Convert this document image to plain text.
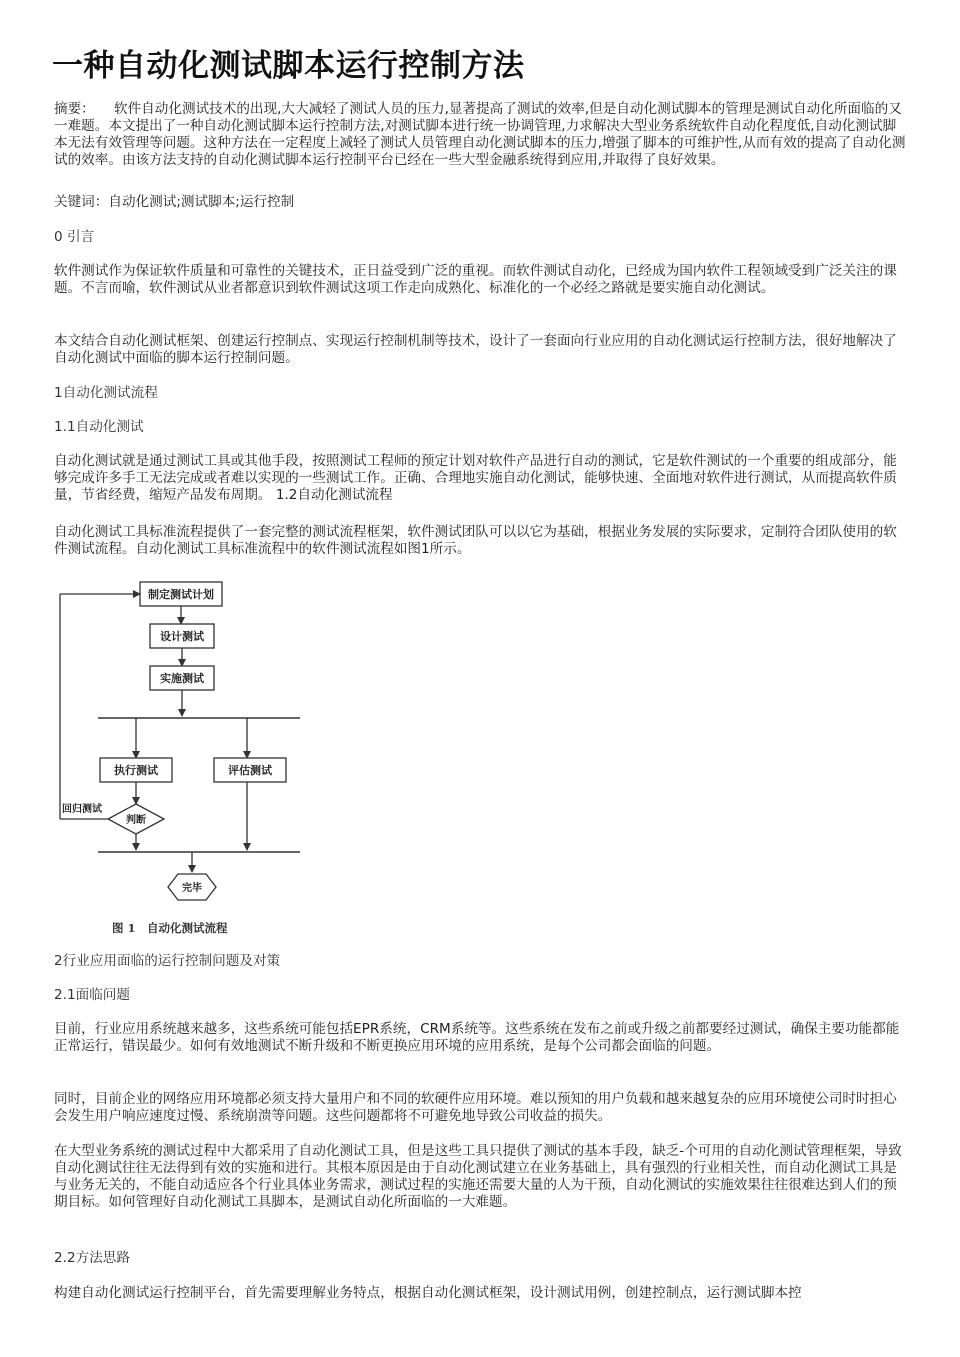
一种自动化测试脚本运行控制方法

摘要： 软件自动化测试技术的出现,大大减轻了测试人员的压力,显著提高了测试的效率,但是自动化测试脚本的管理是测试自动化所面临的又一难题。本文提出了一种自动化测试脚本运行控制方法,对测试脚本进行统一协调管理,力求解决大型业务系统软件自动化程度低,自动化测试脚本无法有效管理等问题。这种方法在一定程度上减轻了测试人员管理自动化测试脚本的压力,增强了脚本的可维护性,从而有效的提高了自动化测试的效率。由该方法支持的自动化测试脚本运行控制平台已经在一些大型金融系统得到应用,并取得了良好效果。

关键词：自动化测试;测试脚本;运行控制

0 引言

软件测试作为保证软件质量和可靠性的关键技术，正日益受到广泛的重视。而软件测试自动化，已经成为国内软件工程领域受到广泛关注的课题。不言而喻，软件测试从业者都意识到软件测试这项工作走向成熟化、标准化的一个必经之路就是要实施自动化测试。

本文结合自动化测试框架、创建运行控制点、实现运行控制机制等技术，设计了一套面向行业应用的自动化测试运行控制方法，很好地解决了自动化测试中面临的脚本运行控制问题。

1自动化测试流程

1.1自动化测试

自动化测试就是通过测试工具或其他手段，按照测试工程师的预定计划对软件产品进行自动的测试，它是软件测试的一个重要的组成部分，能够完成许多手工无法完成或者难以实现的一些测试工作。正确、合理地实施自动化测试，能够快速、全面地对软件进行测试，从而提高软件质量，节省经费，缩短产品发布周期。 1.2自动化测试流程

自动化测试工具标准流程提供了一套完整的测试流程框架，软件测试团队可以以它为基础，根据业务发展的实际要求，定制符合团队使用的软件测试流程。自动化测试工具标准流程中的软件测试流程如图1所示。

制定测试计划
设计测试
实施测试
执行测试	评估测试
判断
回归测试
完毕
图 1　自动化测试流程

2行业应用面临的运行控制问题及对策

2.1面临问题

目前，行业应用系统越来越多，这些系统可能包括EPR系统，CRM系统等。这些系统在发布之前或升级之前都要经过测试，确保主要功能都能正常运行，错误最少。如何有效地测试不断升级和不断更换应用环境的应用系统，是每个公司都会面临的问题。

同时，目前企业的网络应用环境都必须支持大量用户和不同的软硬件应用环境。难以预知的用户负载和越来越复杂的应用环境使公司时时担心会发生用户响应速度过慢、系统崩溃等问题。这些问题都将不可避免地导致公司收益的损失。

在大型业务系统的测试过程中大都采用了自动化测试工具，但是这些工具只提供了测试的基本手段，缺乏-个可用的自动化测试管理框架，导致自动化测试往往无法得到有效的实施和进行。其根本原因是由于自动化测试建立在业务基础上，具有强烈的行业相关性，而自动化测试工具是与业务无关的，不能自动适应各个行业具体业务需求，测试过程的实施还需要大量的人为干预，自动化测试的实施效果往往很难达到人们的预期目标。如何管理好自动化测试工具脚本，是测试自动化所面临的一大难题。

2.2方法思路

构建自动化测试运行控制平台，首先需要理解业务特点，根据自动化测试框架，设计测试用例，创建控制点，运行测试脚本控
